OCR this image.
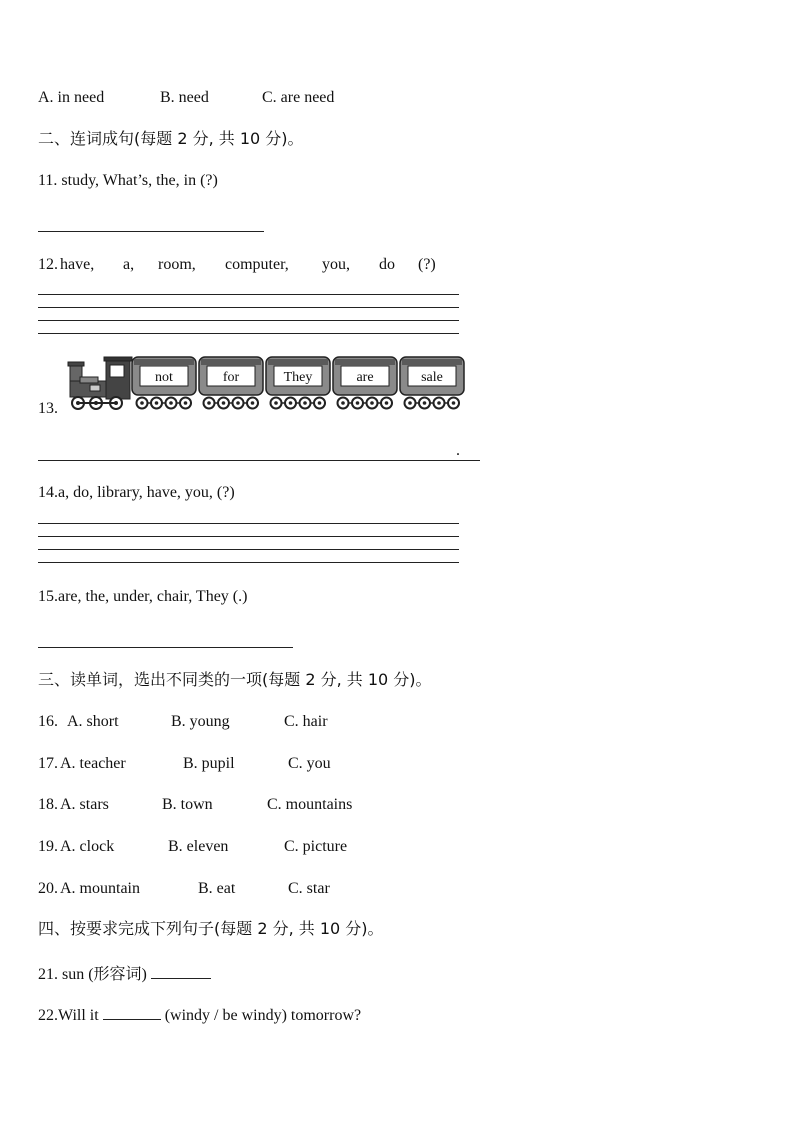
A. in need	B. need	C. are need
二、连词成句(每题 2 分, 共 10 分)。
11. study, What’s, the, in (?)
12. have, a, room, computer, you, do (?)
13.
not	for	They	are	sale
.
14.a, do, library, have, you, (?)
15.are, the, under, chair, They (.)
三、读单词，选出不同类的一项(每题 2 分, 共 10 分)。
16. A. short	B. young	C. hair
17. A. teacher	B. pupil	C. you
18. A. stars	B. town	C. mountains
19. A. clock	B. eleven	C. picture
20. A. mountain	B. eat	C. star
四、按要求完成下列句子(每题 2 分, 共 10 分)。
21. sun (形容词)
22.Will it	(windy / be windy) tomorrow?
